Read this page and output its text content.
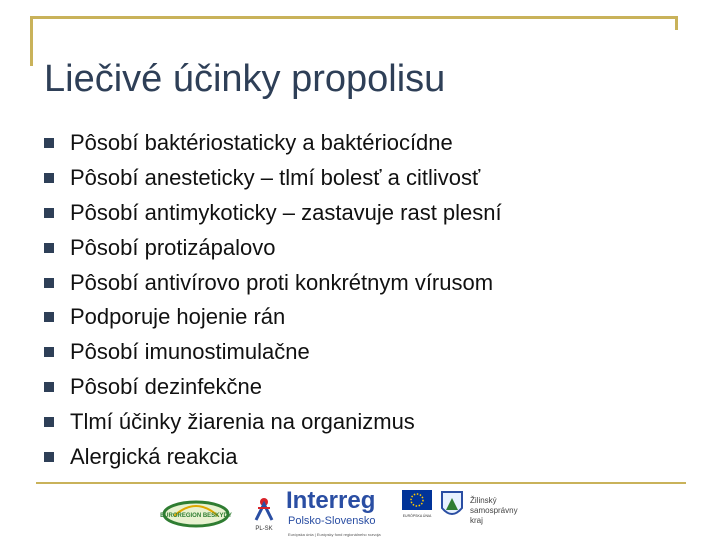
Liečivé účinky propolisu
Pôsobí baktériostaticky a baktériocídne
Pôsobí anesteticky – tlmí bolesť a citlivosť
Pôsobí antimykoticky – zastavuje rast plesní
Pôsobí protizápalovo
Pôsobí antivírovo proti konkrétnym vírusom
Podporuje hojenie rán
Pôsobí imunostimulačne
Pôsobí dezinfekčne
Tlmí účinky žiarenia na organizmus
Alergická reakcia
EUROREGION BESKYDY
PL-SK
Interreg
Polsko-Slovensko
Európska únia | Európsky fond regionálneho rozvoja
EURÓPSKA ÚNIA
Žilinský
samosprávny
kraj
